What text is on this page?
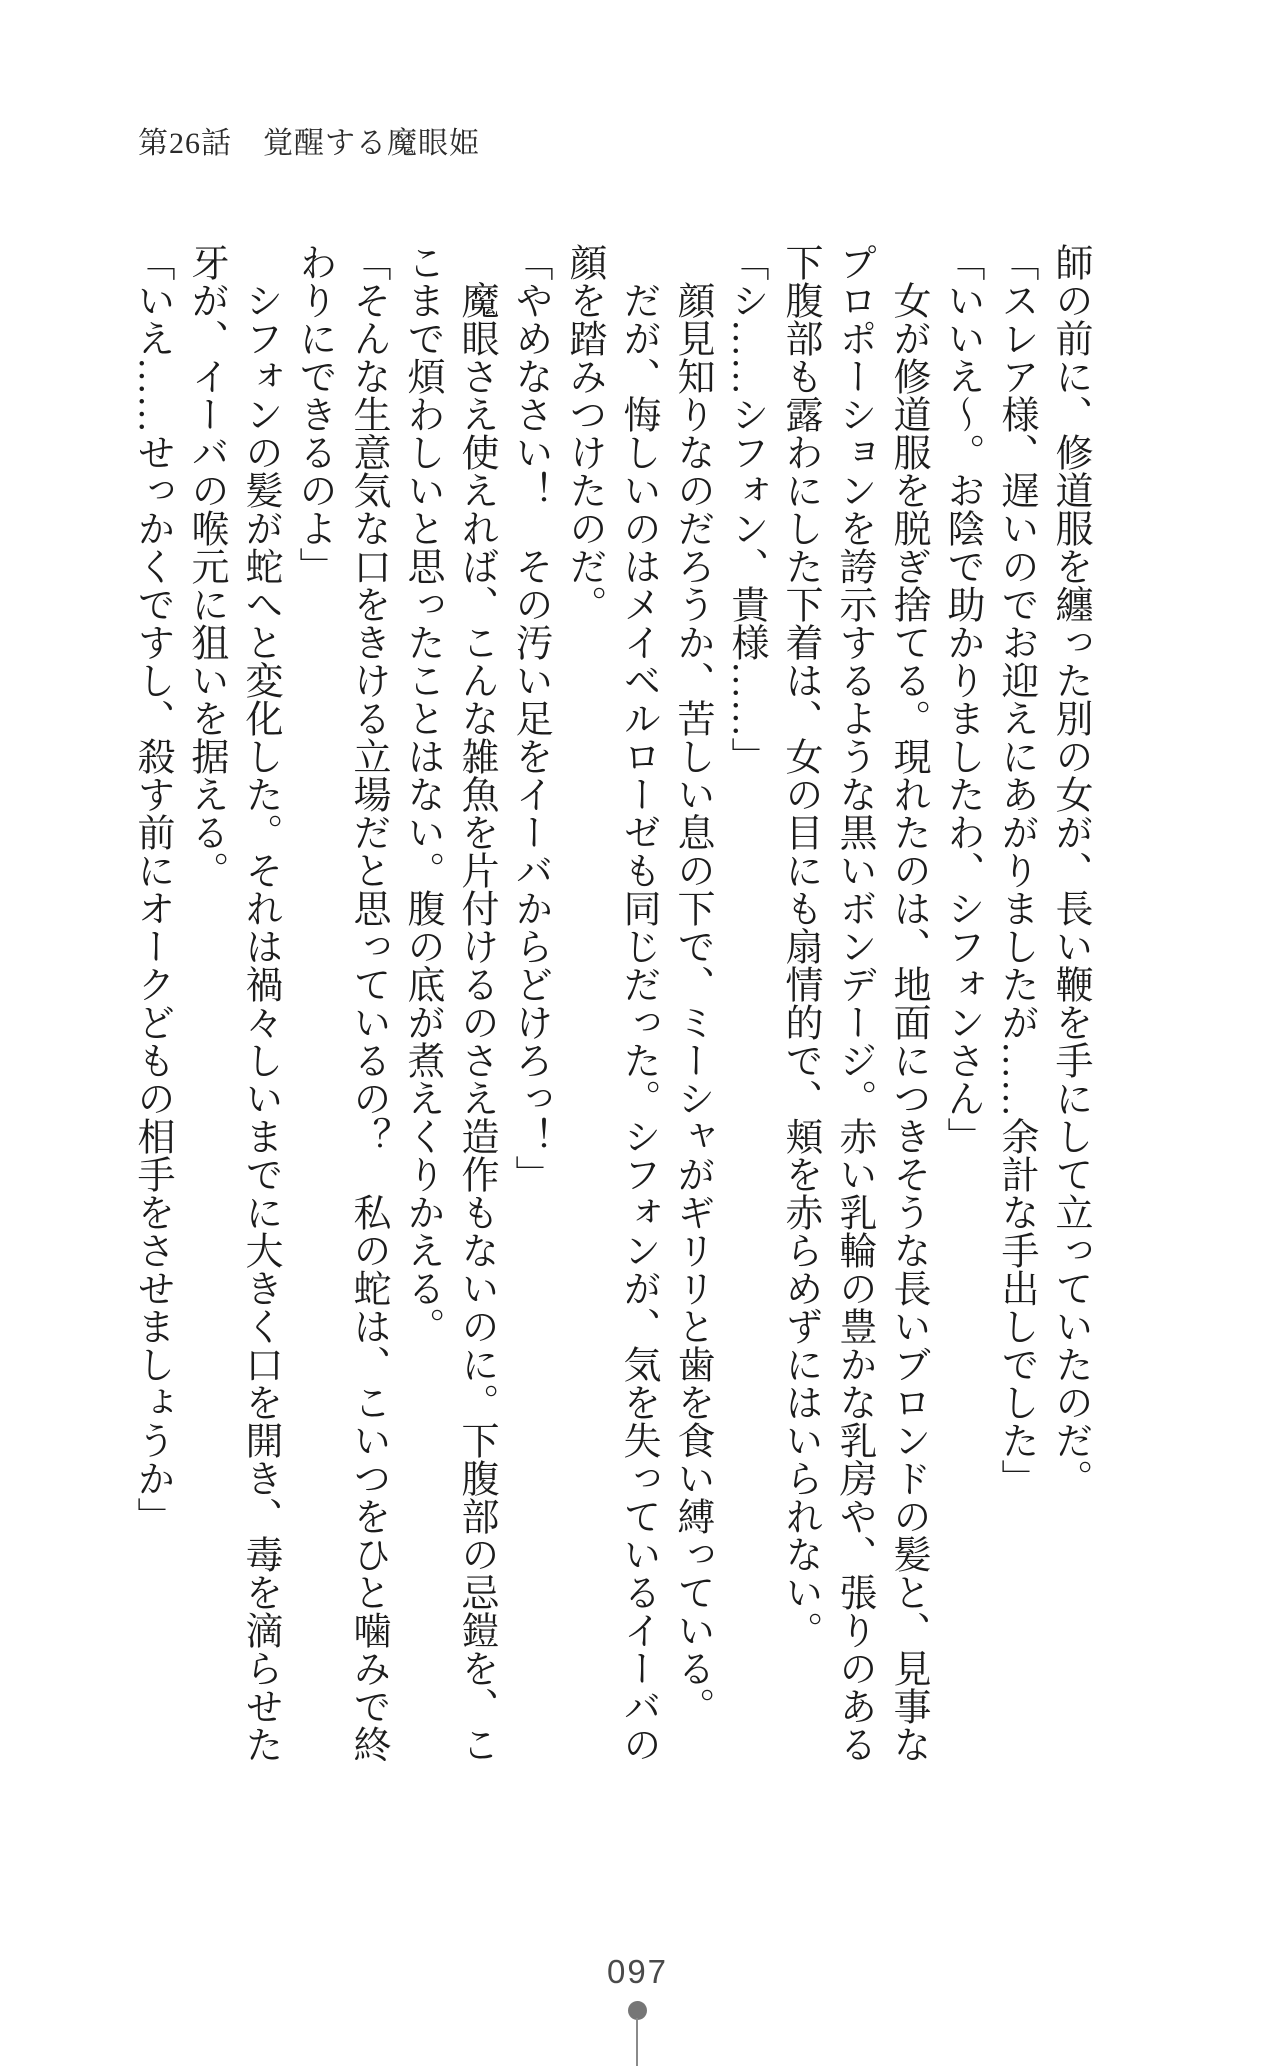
第26話　覚醒する魔眼姫
師の前に、修道服を纏った別の女が、長い鞭を手にして立っていたのだ。
「スレア様、遅いのでお迎えにあがりましたが……余計な手出しでした」
「いいえ〜。お陰で助かりましたわ、シフォンさん」
女が修道服を脱ぎ捨てる。現れたのは、地面につきそうな長いブロンドの髪と、見事な
プロポーションを誇示するような黒いボンデージ。赤い乳輪の豊かな乳房や、張りのある
下腹部も露わにした下着は、女の目にも扇情的で、頬を赤らめずにはいられない。
「シ……シフォン、貴様……」
顔見知りなのだろうか、苦しい息の下で、ミーシャがギリリと歯を食い縛っている。
だが、悔しいのはメイベルローゼも同じだった。シフォンが、気を失っているイーバの
顔を踏みつけたのだ。
「やめなさい！　その汚い足をイーバからどけろっ！」
魔眼さえ使えれば、こんな雑魚を片付けるのさえ造作もないのに。下腹部の忌鎧を、こ
こまで煩わしいと思ったことはない。腹の底が煮えくりかえる。
「そんな生意気な口をきける立場だと思っているの？　私の蛇は、こいつをひと噛みで終
わりにできるのよ」
シフォンの髪が蛇へと変化した。それは禍々しいまでに大きく口を開き、毒を滴らせた
牙が、イーバの喉元に狙いを据える。
「いえ……せっかくですし、殺す前にオークどもの相手をさせましょうか」
097
